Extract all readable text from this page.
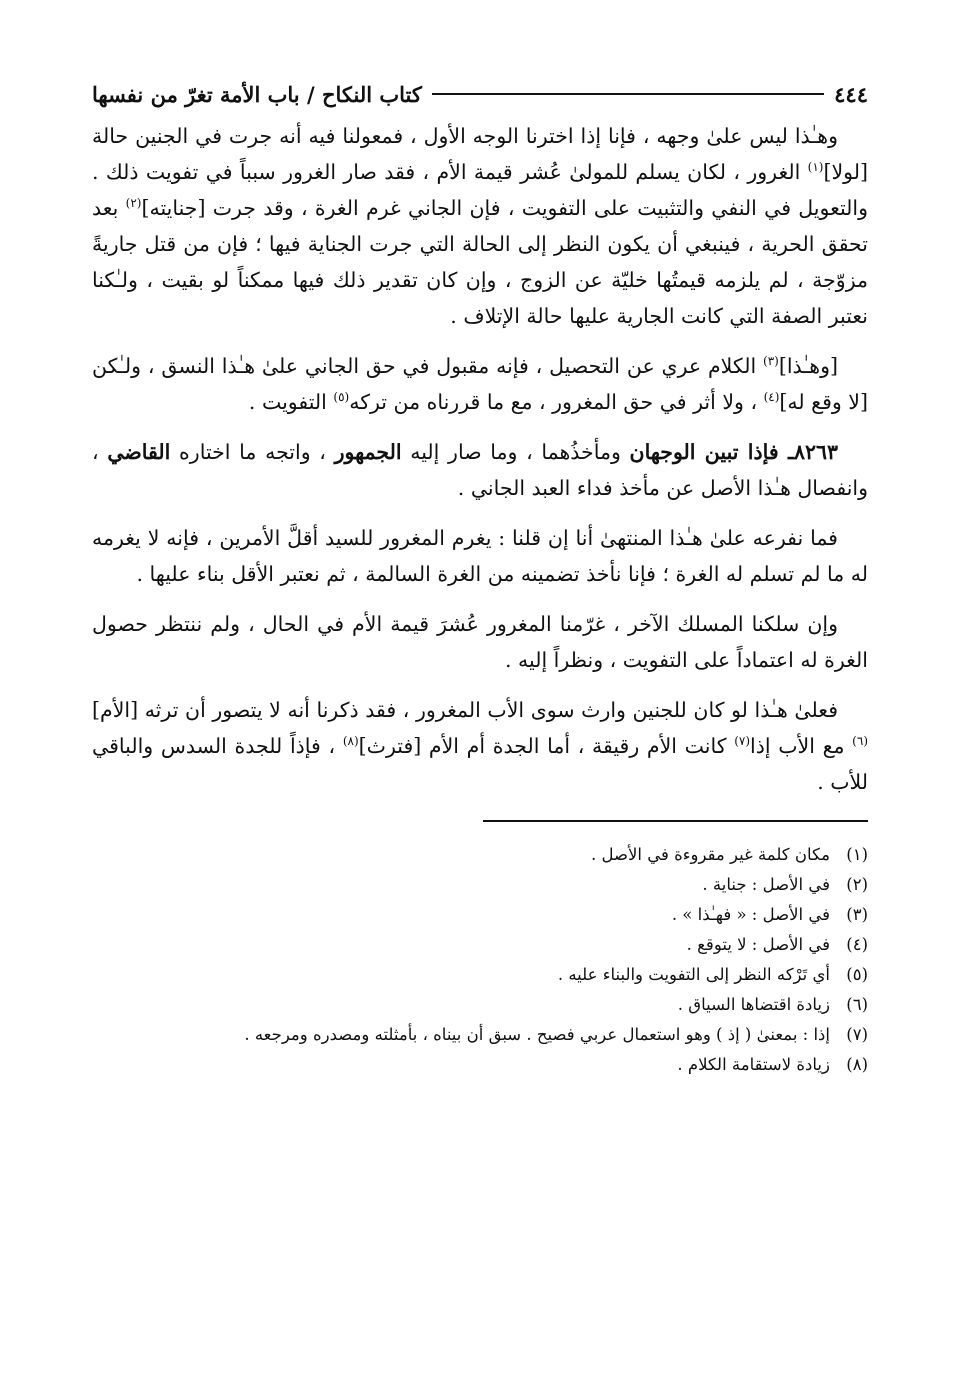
٤٤٤
كتاب النكاح / باب الأمة تغرّ من نفسها

وهـٰذا ليس علىٰ وجهه ، فإنا إذا اخترنا الوجه الأول ، فمعولنا فيه أنه جرت في الجنين حالة [لولا]$^{(١)}$ الغرور ، لكان يسلم للمولىٰ عُشر قيمة الأم ، فقد صار الغرور سبباً في تفويت ذلك . والتعويل في النفي والتثبيت على التفويت ، فإن الجاني غرم الغرة ، وقد جرت [جنايته]$^{(٢)}$ بعد تحقق الحرية ، فينبغي أن يكون النظر إلى الحالة التي جرت الجناية فيها ؛ فإن من قتل جاريةً مزوّجة ، لم يلزمه قيمتُها خليّة عن الزوج ، وإن كان تقدير ذلك فيها ممكناً لو بقيت ، ولـٰكنا نعتبر الصفة التي كانت الجارية عليها حالة الإتلاف .

[وهـٰذا]$^{(٣)}$ الكلام عري عن التحصيل ، فإنه مقبول في حق الجاني علىٰ هـٰذا النسق ، ولـٰكن [لا وقع له]$^{(٤)}$ ، ولا أثر في حق المغرور ، مع ما قررناه من تركه$^{(٥)}$ التفويت .

٨٢٦٣ـ فإذا تبين الوجهان ومأخذُهما ، وما صار إليه الجمهور ، واتجه ما اختاره القاضي ، وانفصال هـٰذا الأصل عن مأخذ فداء العبد الجاني .

فما نفرعه علىٰ هـٰذا المنتهىٰ أنا إن قلنا : يغرم المغرور للسيد أقلَّ الأمرين ، فإنه لا يغرمه له ما لم تسلم له الغرة ؛ فإنا نأخذ تضمينه من الغرة السالمة ، ثم نعتبر الأقل بناء عليها .

وإن سلكنا المسلك الآخر ، غرّمنا المغرور عُشرَ قيمة الأم في الحال ، ولم ننتظر حصول الغرة له اعتماداً على التفويت ، ونظراً إليه .

فعلىٰ هـٰذا لو كان للجنين وارث سوى الأب المغرور ، فقد ذكرنا أنه لا يتصور أن ترثه [الأم]$^{(٦)}$ مع الأب إذا$^{(٧)}$ كانت الأم رقيقة ، أما الجدة أم الأم [فترث]$^{(٨)}$ ، فإذاً للجدة السدس والباقي للأب .

(١)
مكان كلمة غير مقروءة في الأصل .
(٢)
في الأصل : جناية .
(٣)
في الأصل : « فهـٰذا » .
(٤)
في الأصل : لا يتوقع .
(٥)
أي تَرْكه النظر إلى التفويت والبناء عليه .
(٦)
زيادة اقتضاها السياق .
(٧)
إذا : بمعنىٰ ( إذ ) وهو استعمال عربي فصيح . سبق أن بيناه ، بأمثلته ومصدره ومرجعه .
(٨)
زيادة لاستقامة الكلام .
